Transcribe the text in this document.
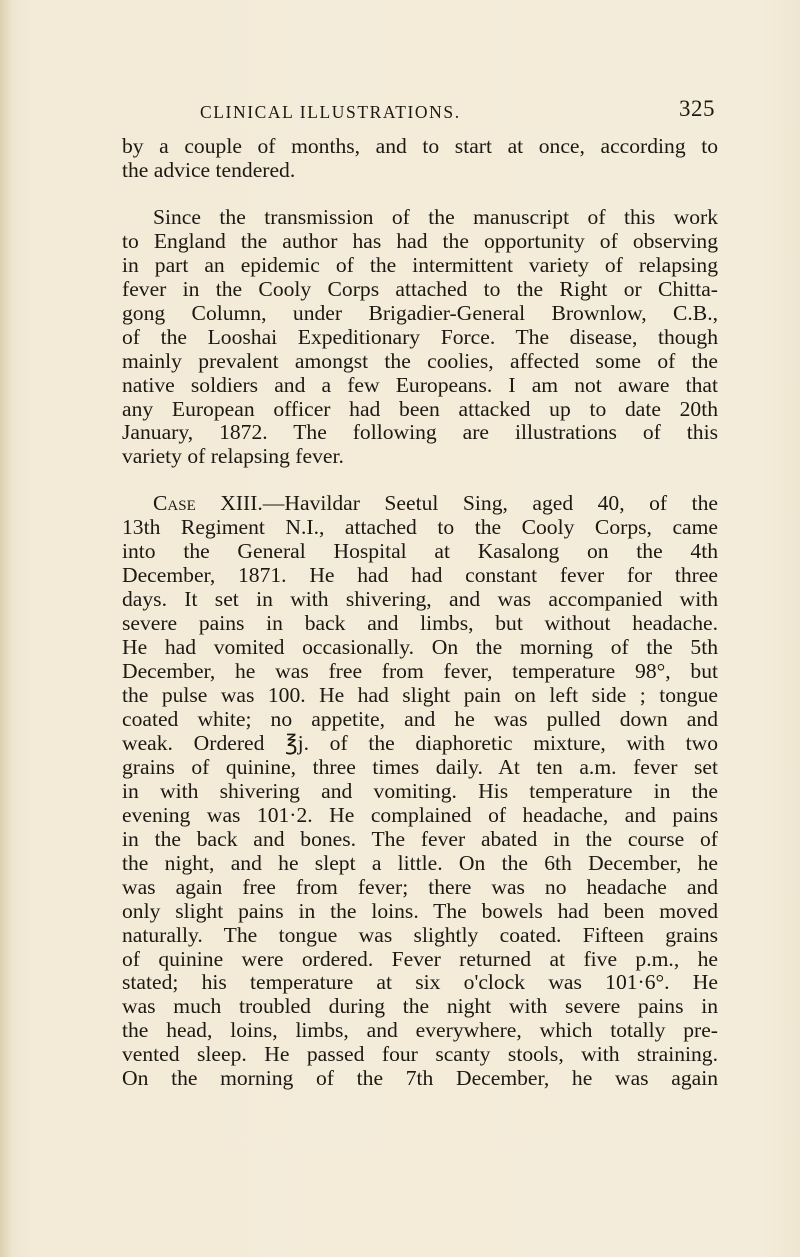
CLINICAL ILLUSTRATIONS.	325

by a couple of months, and to start at once, according to

the advice tendered.

Since the transmission of the manuscript of this work

to England the author has had the opportunity of observing

in part an epidemic of the intermittent variety of relapsing

fever in the Cooly Corps attached to the Right or Chitta-

gong Column, under Brigadier-General Brownlow, C.B.,

of the Looshai Expeditionary Force. The disease, though

mainly prevalent amongst the coolies, affected some of the

native soldiers and a few Europeans. I am not aware that

any European officer had been attacked up to date 20th

January, 1872. The following are illustrations of this

variety of relapsing fever.

Case XIII.—Havildar Seetul Sing, aged 40, of the

13th Regiment N.I., attached to the Cooly Corps, came

into the General Hospital at Kasalong on the 4th

December, 1871. He had had constant fever for three

days. It set in with shivering, and was accompanied with

severe pains in back and limbs, but without headache.

He had vomited occasionally. On the morning of the 5th

December, he was free from fever, temperature 98°, but

the pulse was 100. He had slight pain on left side ; tongue

coated white; no appetite, and he was pulled down and

weak. Ordered ℥j. of the diaphoretic mixture, with two

grains of quinine, three times daily. At ten a.m. fever set

in with shivering and vomiting. His temperature in the

evening was 101·2. He complained of headache, and pains

in the back and bones. The fever abated in the course of

the night, and he slept a little. On the 6th December, he

was again free from fever; there was no headache and

only slight pains in the loins. The bowels had been moved

naturally. The tongue was slightly coated. Fifteen grains

of quinine were ordered. Fever returned at five p.m., he

stated; his temperature at six o'clock was 101·6°. He

was much troubled during the night with severe pains in

the head, loins, limbs, and everywhere, which totally pre-

vented sleep. He passed four scanty stools, with straining.

On the morning of the 7th December, he was again
